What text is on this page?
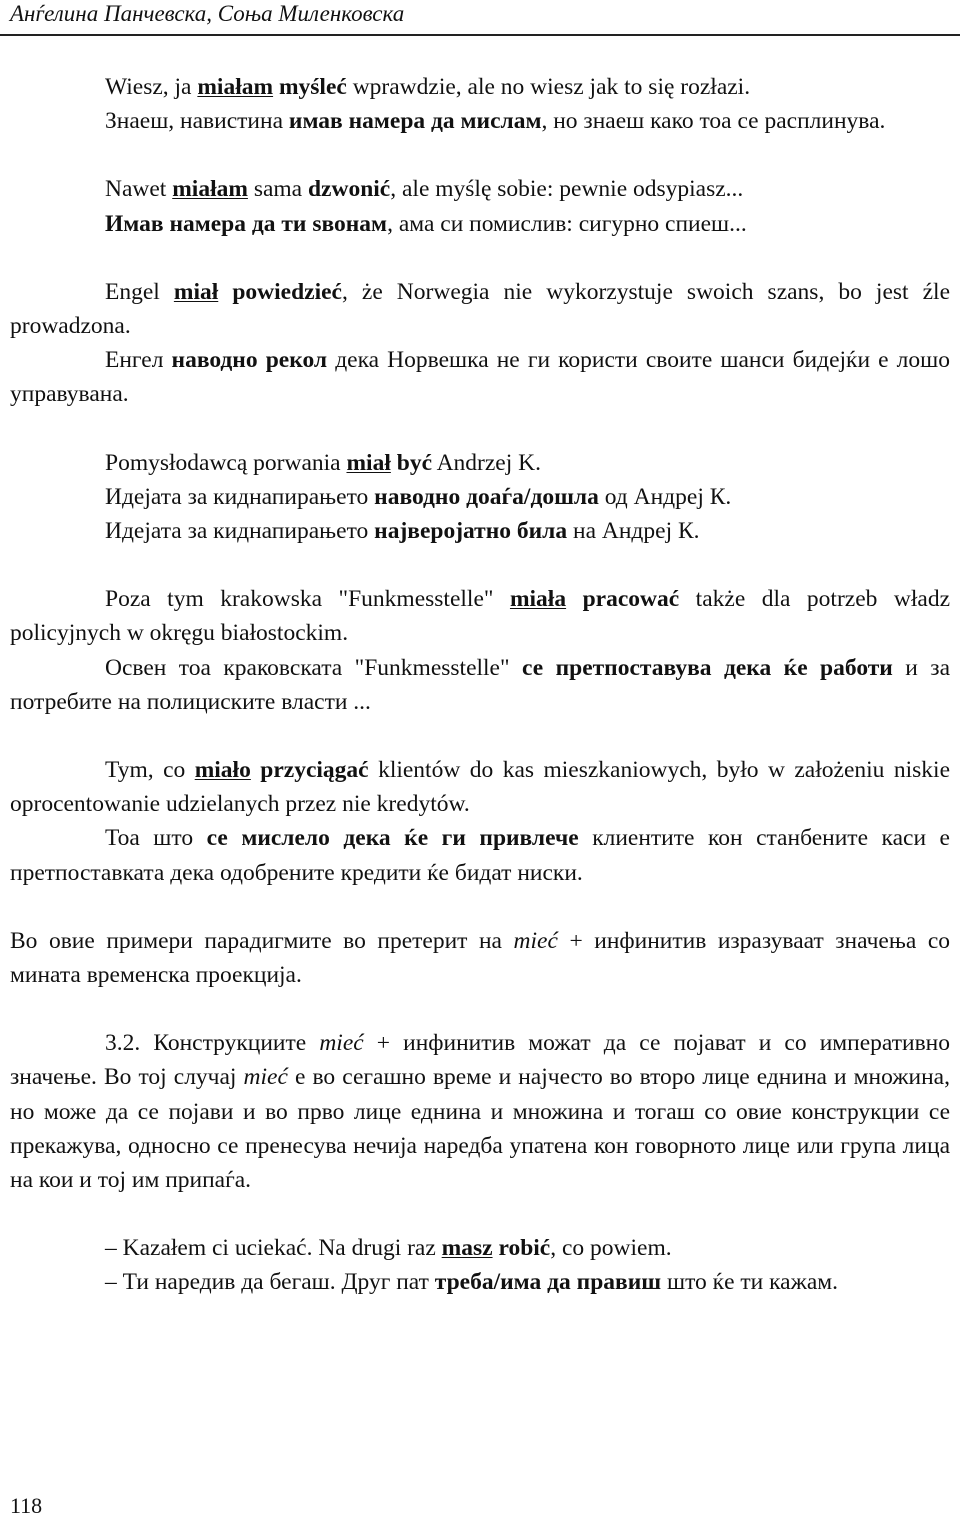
Анѓелина Панчевска, Соња Миленковска

Wiesz, ja miałam myśleć wprawdzie, ale no wiesz jak to się rozłazi.

Знаеш, навистина имав намера да мислам, но знаеш како тоа се расплинува.

Nawet miałam sama dzwonić, ale myślę sobie: pewnie odsypiasz...

Имав намера да ти ѕвонам, ама си помислив: сигурно спиеш...

Engel miał powiedzieć, że Norwegia nie wykorzystuje swoich szans, bo jest źle prowadzona.

Енгел наводно рекол дека Норвешка не ги користи своите шанси бидејќи е лошо управувана.

Pomysłodawcą porwania miał być Andrzej K.

Идејата за киднапирањето наводно доаѓа/дошла од Андреј К.

Идејата за киднапирањето најверојатно била на Андреј К.

Poza tym krakowska "Funkmesstelle" miała pracować także dla potrzeb władz policyjnych w okręgu białostockim.

Освен тоа краковската "Funkmesstelle" се претпоставува дека ќе работи и за потребите на полициските власти ...

Tym, co miało przyciągać klientów do kas mieszkaniowych, było w założeniu niskie oprocentowanie udzielanych przez nie kredytów.

Тоа што се мислело дека ќе ги привлече клиентите кон станбените каси е претпоставката дека одобрените кредити ќе бидат ниски.

Во овие примери парадигмите во претерит на mieć + инфинитив изразуваат значења со мината временска проекција.

3.2. Конструкциите mieć + инфинитив можат да се појават и со императивно значење. Во тој случај mieć е во сегашно време и најчесто во второ лице еднина и множина, но може да се појави и во прво лице еднина и множина и тогаш со овие конструкции се прекажува, односно се пренесува нечија наредба упатена кон говорното лице или група лица на кои и тој им припаѓа.

– Kazałem ci uciekać. Na drugi raz masz robić, co powiem.

– Ти наредив да бегаш. Друг пат треба/има да правиш што ќе ти кажам.

118
